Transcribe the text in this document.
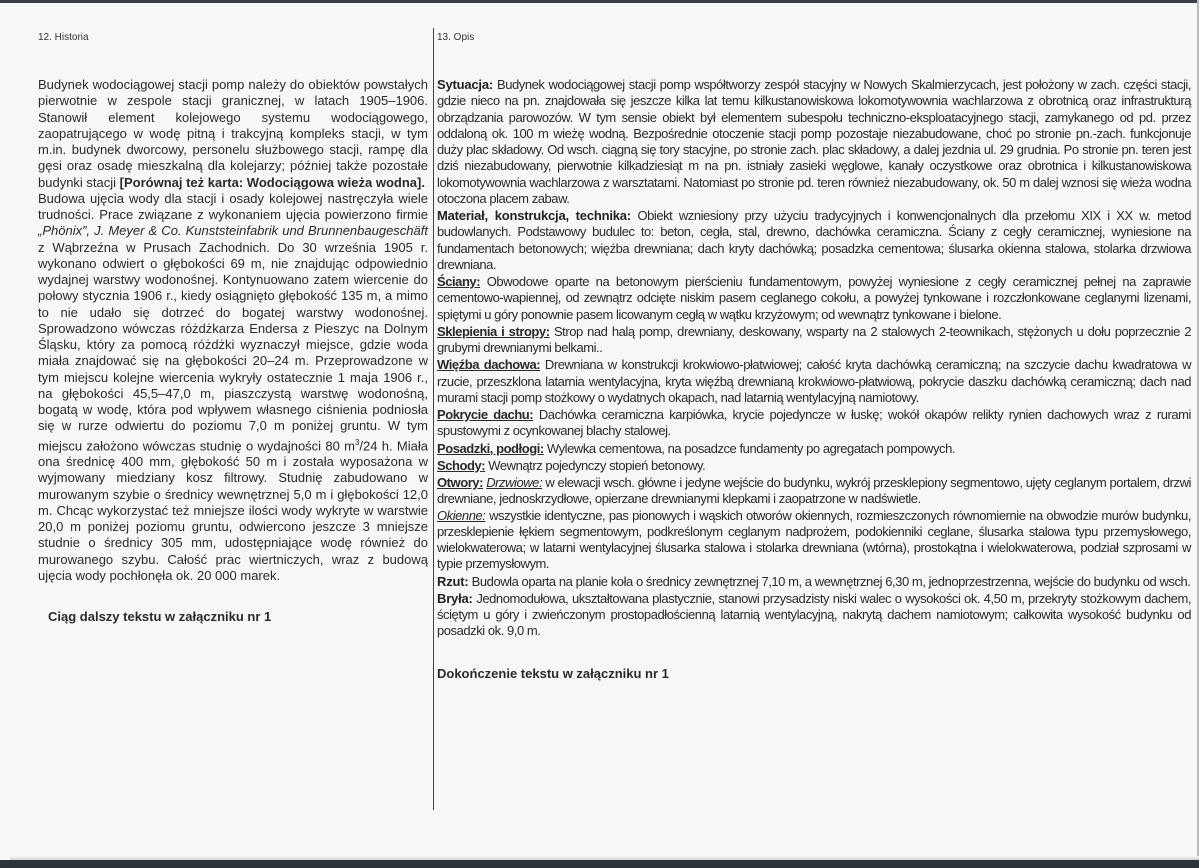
12. Historia	13. Opis

Budynek wodociągowej stacji pomp należy do obiektów powstałych pierwotnie w zespole stacji granicznej, w latach 1905–1906. Stanowił element kolejowego systemu wodociągowego, zaopatrującego w wodę pitną i trakcyjną kompleks stacji, w tym m.in. budynek dworcowy, personelu służbowego stacji, rampę dla gęsi oraz osadę mieszkalną dla kolejarzy; później także pozostałe budynki stacji [Porównaj też karta: Wodociągowa wieża wodna].

Budowa ujęcia wody dla stacji i osady kolejowej nastręczyła wiele trudności. Prace związane z wykonaniem ujęcia powierzono firmie „Phönix”, J. Meyer & Co. Kunststeinfabrik und Brunnenbaugeschäft z Wąbrzeźna w Prusach Zachodnich. Do 30 września 1905 r. wykonano odwiert o głębokości 69 m, nie znajdując odpowiednio wydajnej warstwy wodonośnej. Kontynuowano zatem wiercenie do połowy stycznia 1906 r., kiedy osiągnięto głębokość 135 m, a mimo to nie udało się dotrzeć do bogatej warstwy wodonośnej. Sprowadzono wówczas różdżkarza Endersa z Pieszyc na Dolnym Śląsku, który za pomocą różdżki wyznaczył miejsce, gdzie woda miała znajdować się na głębokości 20–24 m. Przeprowadzone w tym miejscu kolejne wiercenia wykryły ostatecznie 1 maja 1906 r., na głębokości 45,5–47,0 m, piaszczystą warstwę wodonośną, bogatą w wodę, która pod wpływem własnego ciśnienia podniosła się w rurze odwiertu do poziomu 7,0 m poniżej gruntu. W tym miejscu założono wówczas studnię o wydajności 80 $m^3/24$ h. Miała ona średnicę 400 mm, głębokość 50 m i została wyposażona w wyjmowany miedziany kosz filtrowy. Studnię zabudowano w murowanym szybie o średnicy wewnętrznej 5,0 m i głębokości 12,0 m. Chcąc wykorzystać też mniejsze ilości wody wykryte w warstwie 20,0 m poniżej poziomu gruntu, odwiercono jeszcze 3 mniejsze studnie o średnicy 305 mm, udostępniające wodę również do murowanego szybu. Całość prac wiertniczych, wraz z budową ujęcia wody pochłonęła ok. 20 000 marek.

Ciąg dalszy tekstu w załączniku nr 1

Sytuacja: Budynek wodociągowej stacji pomp współtworzy zespół stacyjny w Nowych Skalmierzycach, jest położony w zach. części stacji, gdzie nieco na pn. znajdowała się jeszcze kilka lat temu kilkustanowiskowa lokomotywownia wachlarzowa z obrotnicą oraz infrastrukturą obrządzania parowozów. W tym sensie obiekt był elementem subespołu techniczno-eksploatacyjnego stacji, zamykanego od pd. przez oddaloną ok. 100 m wieżę wodną. Bezpośrednie otoczenie stacji pomp pozostaje niezabudowane, choć po stronie pn.-zach. funkcjonuje duży plac składowy. Od wsch. ciągną się tory stacyjne, po stronie zach. plac składowy, a dalej jezdnia ul. 29 grudnia. Po stronie pn. teren jest dziś niezabudowany, pierwotnie kilkadziesiąt m na pn. istniały zasieki węglowe, kanały oczystkowe oraz obrotnica i kilkustanowiskowa lokomotywownia wachlarzowa z warsztatami. Natomiast po stronie pd. teren również niezabudowany, ok. 50 m dalej wznosi się wieża wodna otoczona placem zabaw.

Materiał, konstrukcja, technika: Obiekt wzniesiony przy użyciu tradycyjnych i konwencjonalnych dla przełomu XIX i XX w. metod budowlanych. Podstawowy budulec to: beton, cegła, stal, drewno, dachówka ceramiczna. Ściany z cegły ceramicznej, wyniesione na fundamentach betonowych; więźba drewniana; dach kryty dachówką; posadzka cementowa; ślusarka okienna stalowa, stolarka drzwiowa drewniana.

Ściany: Obwodowe oparte na betonowym pierścieniu fundamentowym, powyżej wyniesione z cegły ceramicznej pełnej na zaprawie cementowo-wapiennej, od zewnątrz odcięte niskim pasem ceglanego cokołu, a powyżej tynkowane i rozczłonkowane ceglanymi lizenami, spiętymi u góry ponownie pasem licowanym cegłą w wątku krzyżowym; od wewnątrz tynkowane i bielone.

Sklepienia i stropy: Strop nad halą pomp, drewniany, deskowany, wsparty na 2 stalowych 2-teownikach, stężonych u dołu poprzecznie 2 grubymi drewnianymi belkami..

Więźba dachowa: Drewniana w konstrukcji krokwiowo-płatwiowej; całość kryta dachówką ceramiczną; na szczycie dachu kwadratowa w rzucie, przeszklona latarnia wentylacyjna, kryta więźbą drewnianą krokwiowo-płatwiową, pokrycie daszku dachówką ceramiczną; dach nad murami stacji pomp stożkowy o wydatnych okapach, nad latarnią wentylacyjną namiotowy.

Pokrycie dachu: Dachówka ceramiczna karpiówka, krycie pojedyncze w łuskę; wokół okapów relikty rynien dachowych wraz z rurami spustowymi z ocynkowanej blachy stalowej.

Posadzki, podłogi: Wylewka cementowa, na posadzce fundamenty po agregatach pompowych.

Schody: Wewnątrz pojedynczy stopień betonowy.

Otwory: Drzwiowe: w elewacji wsch. główne i jedyne wejście do budynku, wykrój przesklepiony segmentowo, ujęty ceglanym portalem, drzwi drewniane, jednoskrzydłowe, opierzane drewnianymi klepkami i zaopatrzone w nadświetle.
Okienne: wszystkie identyczne, pas pionowych i wąskich otworów okiennych, rozmieszczonych równomiernie na obwodzie murów budynku, przesklepienie łękiem segmentowym, podkreślonym ceglanym nadprożem, podokienniki ceglane, ślusarka stalowa typu przemysłowego, wielokwaterowa; w latarni wentylacyjnej ślusarka stalowa i stolarka drewniana (wtórna), prostokątna i wielokwaterowa, podział szprosami w typie przemysłowym.

Rzut: Budowla oparta na planie koła o średnicy zewnętrznej 7,10 m, a wewnętrznej 6,30 m, jednoprzestrzenna, wejście do budynku od wsch.

Bryła: Jednomodułowa, ukształtowana plastycznie, stanowi przysadzisty niski walec o wysokości ok. 4,50 m, przekryty stożkowym dachem, ściętym u góry i zwieńczonym prostopadłościenną latarnią wentylacyjną, nakrytą dachem namiotowym; całkowita wysokość budynku od posadzki ok. 9,0 m.

Dokończenie tekstu w załączniku nr 1
